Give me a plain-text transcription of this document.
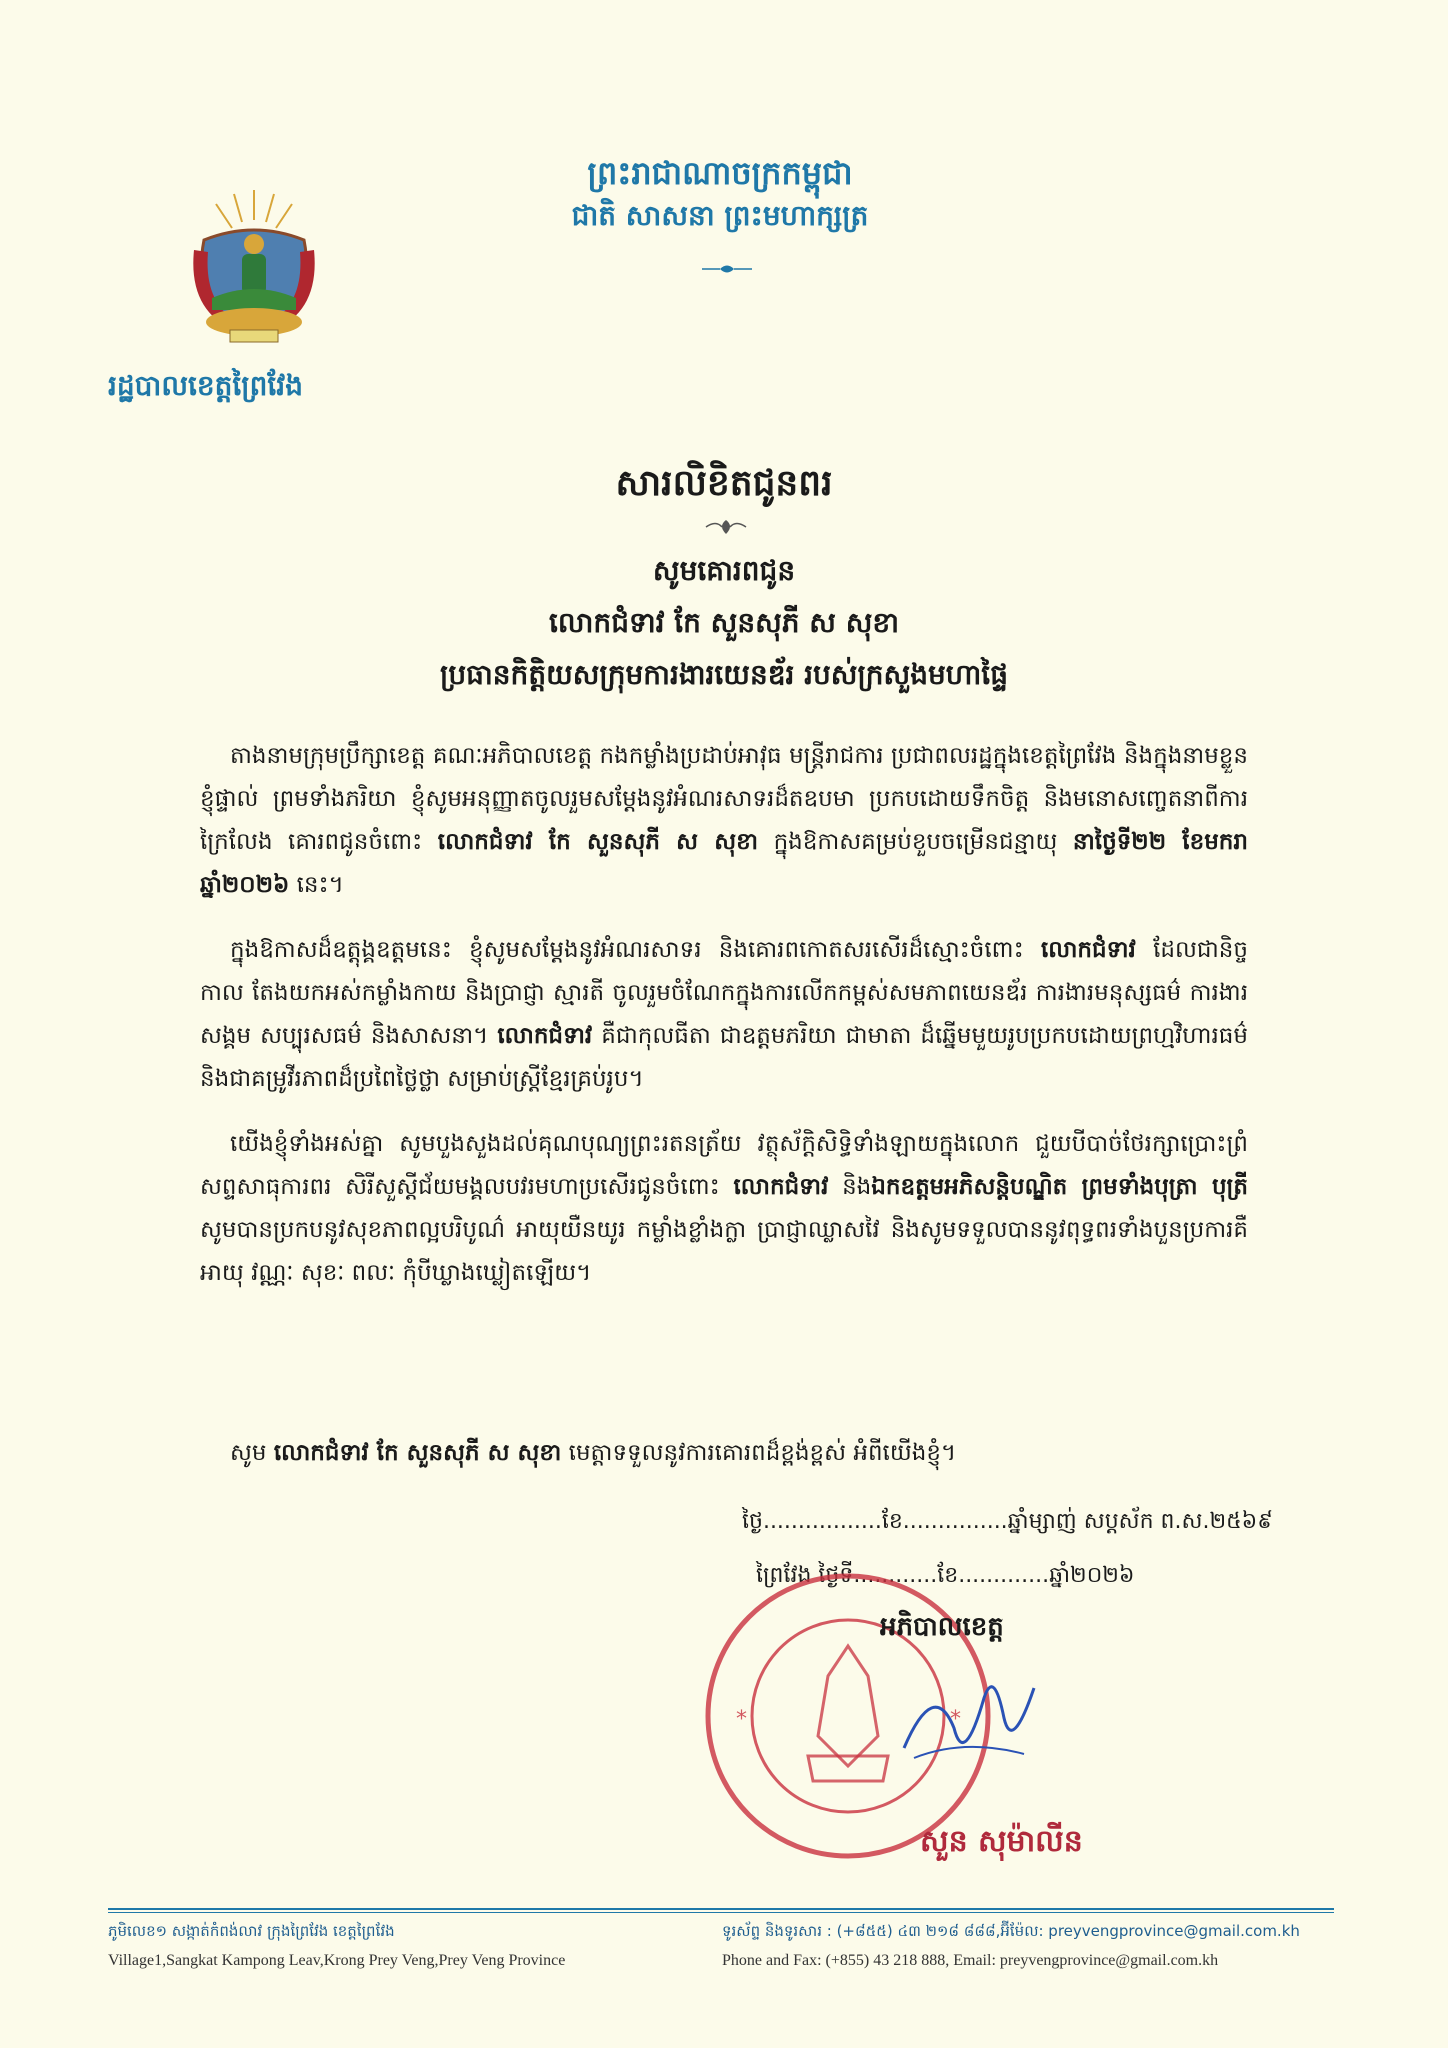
ព្រះរាជាណាចក្រកម្ពុជា
ជាតិ សាសនា ព្រះមហាក្សត្រ
រដ្ឋបាលខេត្តព្រៃវែង
សារលិខិតជូនពរ
សូមគោរពជូន
លោកជំទាវ កែ សួនសុភី ស សុខា
ប្រធានកិត្តិយសក្រុមការងារយេនឌ័រ របស់ក្រសួងមហាផ្ទៃ

តាងនាមក្រុមប្រឹក្សាខេត្ត គណៈអភិបាលខេត្ត កងកម្លាំងប្រដាប់អាវុធ មន្ត្រីរាជការ ប្រជាពលរដ្ឋក្នុងខេត្តព្រៃវែង និងក្នុងនាមខ្លួនខ្ញុំផ្ទាល់ ព្រមទាំងភរិយា ខ្ញុំសូមអនុញ្ញាតចូលរួមសម្តែងនូវអំណរសាទរដ៏តឧបមា ប្រកបដោយទឹកចិត្ត និងមនោសញ្ចេតនាពីការក្រៃលែង គោរពជូនចំពោះ លោកជំទាវ កែ សួនសុភី ស សុខា ក្នុងឱកាសគម្រប់ខួបចម្រើនជន្មាយុ នាថ្ងៃទី២២ ខែមករា ឆ្នាំ២០២៦ នេះ។

ក្នុងឱកាសដ៏ឧត្តុង្គឧត្តមនេះ ខ្ញុំសូមសម្តែងនូវអំណរសាទរ និងគោរពកោតសរសើរដ៏ស្មោះចំពោះ លោកជំទាវ ដែលជានិច្ចកាល តែងយកអស់កម្លាំងកាយ និងប្រាជ្ញា ស្មារតី ចូលរួមចំណែកក្នុងការលើកកម្ពស់សមភាពយេនឌ័រ ការងារមនុស្សធម៌ ការងារសង្គម សប្បុរសធម៌ និងសាសនា។ លោកជំទាវ គឺជាកុលធីតា ជាឧត្តមភរិយា ជាមាតា ដ៏ឆ្នើមមួយរូបប្រកបដោយព្រហ្មវិហារធម៌ និងជាគម្រូវីរភាពដ៏ប្រពៃថ្លៃថ្លា សម្រាប់ស្ត្រីខ្មែរគ្រប់រូប។

យើងខ្ញុំទាំងអស់គ្នា សូមបួងសួងដល់គុណបុណ្យព្រះរតនត្រ័យ វត្ថុស័ក្តិសិទ្ធិទាំងឡាយក្នុងលោក ជួយបីបាច់ថែរក្សាប្រោះព្រំសព្ទសាធុការពរ សិរីសួស្តីជ័យមង្គលបវរមហាប្រសើរជូនចំពោះ លោកជំទាវ និងឯកឧត្តមអភិសន្តិបណ្ឌិត ព្រមទាំងបុត្រា បុត្រី សូមបានប្រកបនូវសុខភាពល្អបរិបូណ៌ អាយុយឺនយូរ កម្លាំងខ្លាំងក្លា ប្រាជ្ញាឈ្លាសវៃ និងសូមទទួលបាននូវពុទ្ធពរទាំងបួនប្រការគឺ អាយុ វណ្ណៈ សុខៈ ពលៈ កុំបីឃ្លាងឃ្លៀតឡើយ។

សូម លោកជំទាវ កែ សួនសុភី ស សុខា មេត្តាទទួលនូវការគោរពដ៏ខ្ពង់ខ្ពស់ អំពីយើងខ្ញុំ។
ថ្ងៃ.................ខែ...............ឆ្នាំម្សាញ់ សប្តស័ក ព.ស.២៥៦៩
ព្រៃវែង ថ្ងៃទី............ខែ.............ឆ្នាំ២០២៦
*	*
អភិបាលខេត្ត
សួន សុម៉ាលីន
ភូមិលេខ១ សង្កាត់កំពង់លាវ ក្រុងព្រៃវែង ខេត្តព្រៃវែង
Village1,Sangkat Kampong Leav,Krong Prey Veng,Prey Veng Province
ទូរស័ព្ទ និងទូរសារ : (+៨៥៥) ៤៣ ២១៨ ៨៨៨,អ៊ីម៉ែល: preyvengprovince@gmail.com.kh
Phone and Fax: (+855) 43 218 888, Email: preyvengprovince@gmail.com.kh
